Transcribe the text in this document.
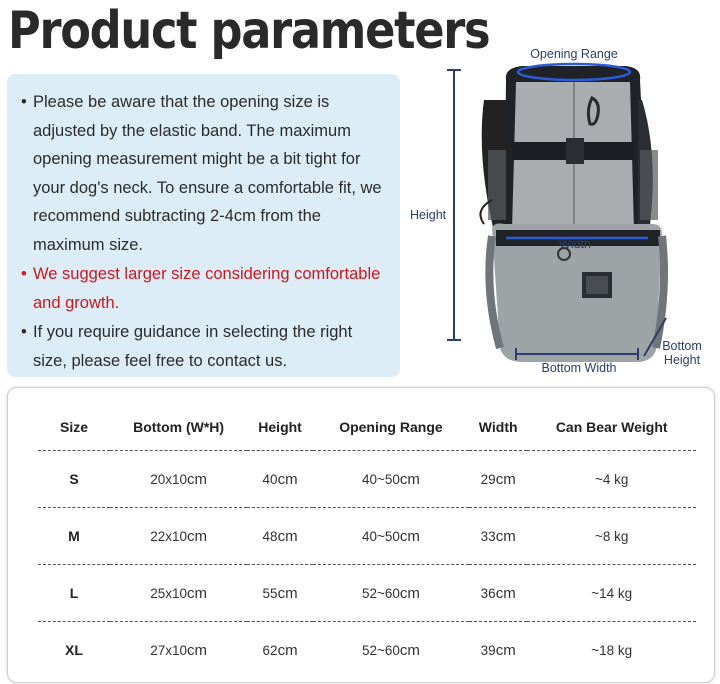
Product parameters
• Please be aware that the opening size is adjusted by the elastic band. The maximum opening measurement might be a bit tight for your dog's neck. To ensure a comfortable fit, we recommend subtracting 2-4cm from the maximum size.
• We suggest larger size considering comfortable and growth.
• If you require guidance in selecting the right size, please feel free to contact us.
Opening Range
Height
Width
Bottom Width
Bottom
Height
Size	Bottom (W*H)	Height	Opening Range	Width	Can Bear Weight
S	20x10cm	40cm	40~50cm	29cm	~4 kg
M	22x10cm	48cm	40~50cm	33cm	~8 kg
L	25x10cm	55cm	52~60cm	36cm	~14 kg
XL	27x10cm	62cm	52~60cm	39cm	~18 kg
